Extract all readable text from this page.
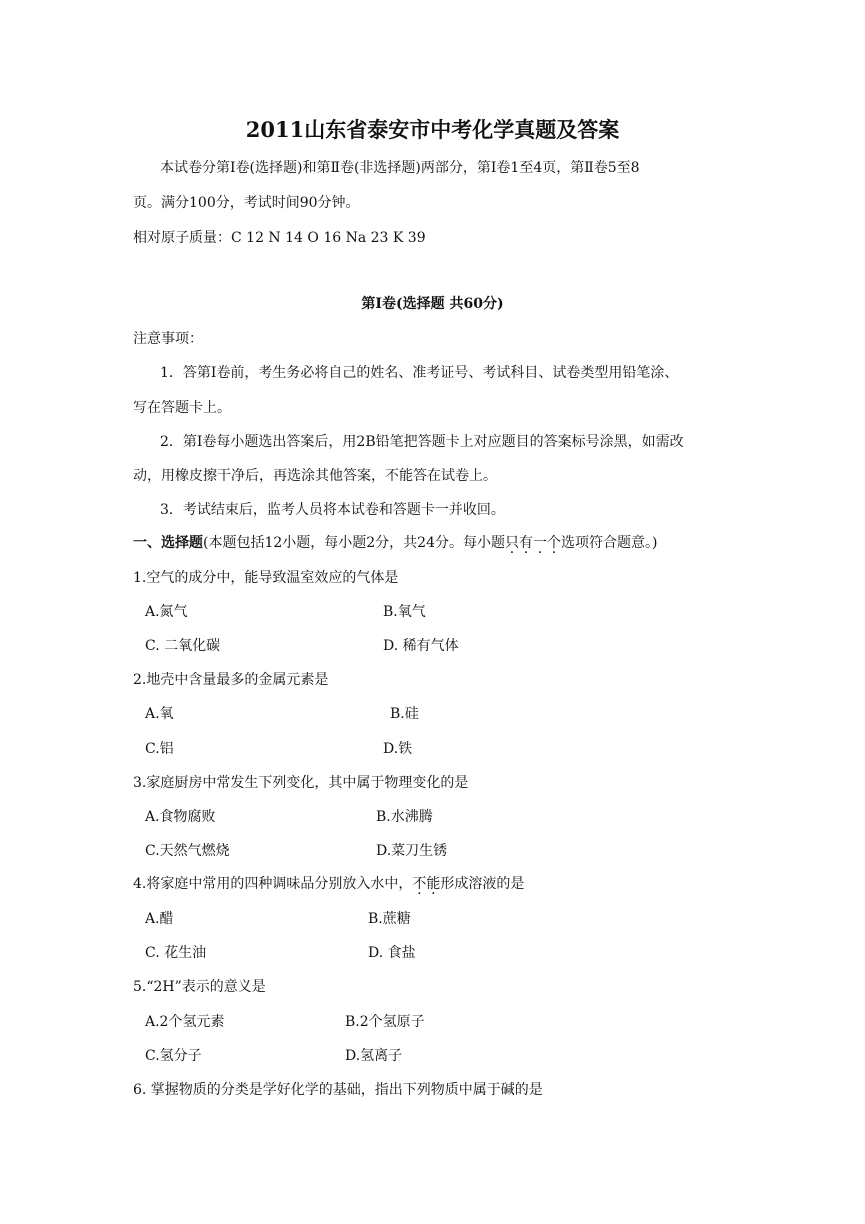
2011山东省泰安市中考化学真题及答案
本试卷分第Ⅰ卷(选择题)和第Ⅱ卷(非选择题)两部分，第Ⅰ卷1至4页，第Ⅱ卷5至8
页。满分100分，考试时间90分钟。
相对原子质量：C 12 N 14 O 16 Na 23 K 39
第Ⅰ卷(选择题 共60分)
注意事项：
1．答第Ⅰ卷前，考生务必将自己的姓名、准考证号、考试科目、试卷类型用铅笔涂、
写在答题卡上。
2．第Ⅰ卷每小题选出答案后，用2B铅笔把答题卡上对应题目的答案标号涂黑，如需改
动，用橡皮擦干净后，再选涂其他答案，不能答在试卷上。
3．考试结束后，监考人员将本试卷和答题卡一并收回。
一、选择题(本题包括12小题，每小题2分，共24分。每小题只有一个选项符合题意。)
1.空气的成分中，能导致温室效应的气体是
A.氮气	B.氧气
C. 二氧化碳	D. 稀有气体
2.地壳中含量最多的金属元素是
A.氧	B.硅
C.铝	D.铁
3.家庭厨房中常发生下列变化，其中属于物理变化的是
A.食物腐败	B.水沸腾
C.天然气燃烧	D.菜刀生锈
4.将家庭中常用的四种调味品分别放入水中，不能形成溶液的是
A.醋	B.蔗糖
C. 花生油	D. 食盐
5.“2H”表示的意义是
A.2个氢元素	B.2个氢原子
C.氢分子	D.氢离子
6. 掌握物质的分类是学好化学的基础，指出下列物质中属于碱的是
